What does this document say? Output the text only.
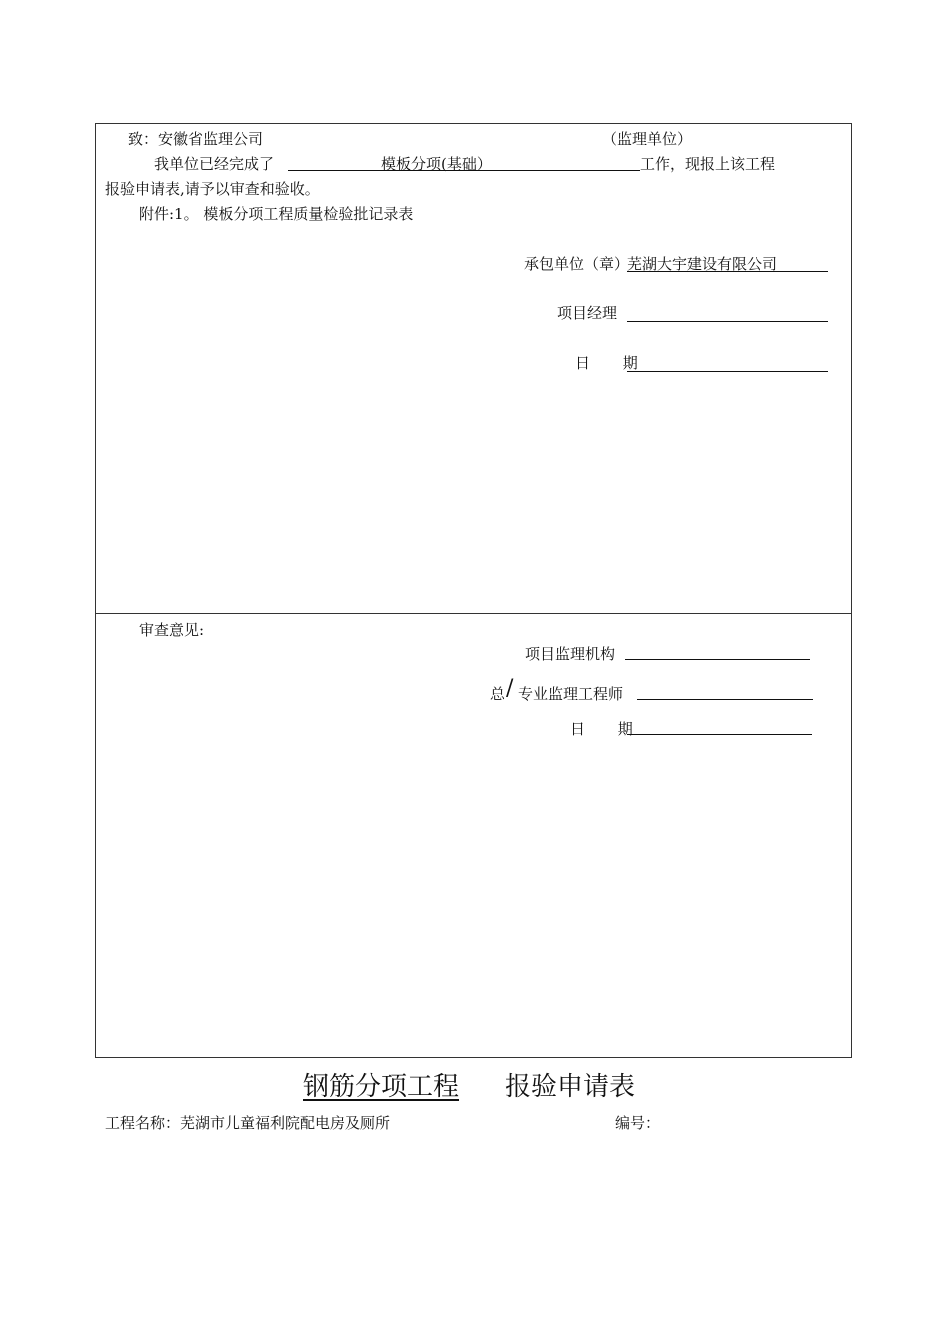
致：安徽省监理公司	（监理单位）
我单位已经完成了	模板分项(基础）	工作，现报上该工程
报验申请表,请予以审查和验收。
附件:1。 模板分项工程质量检验批记录表
承包单位（章）
芜湖大宇建设有限公司
项目经理
日 期
审查意见:
项目监理机构
总 / 专业监理工程师
日 期
钢筋分项工程 报验申请表
工程名称：芜湖市儿童福利院配电房及厕所	编号：
